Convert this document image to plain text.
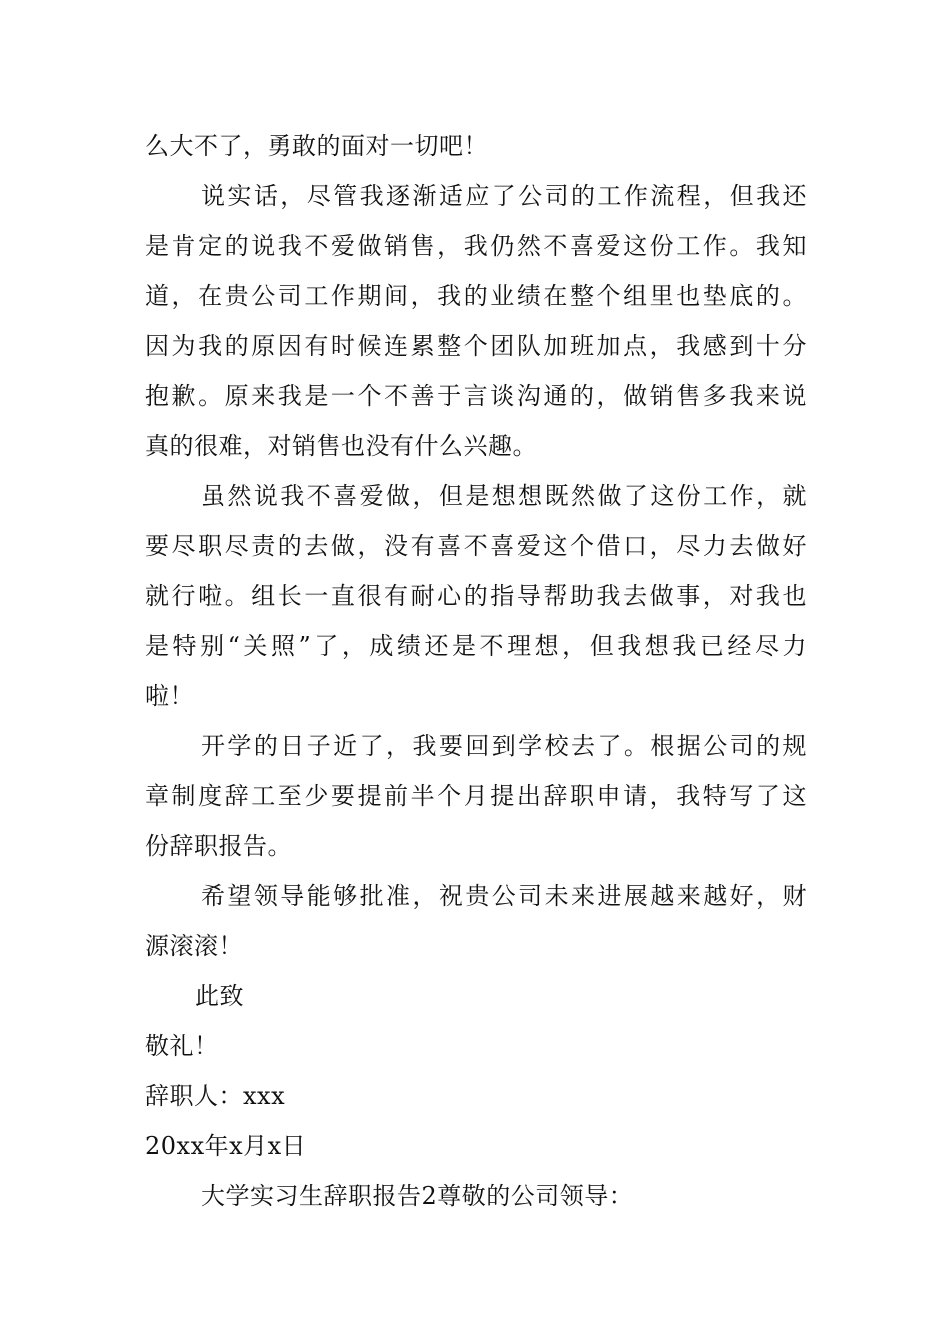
么大不了，勇敢的面对一切吧！
说实话，尽管我逐渐适应了公司的工作流程，但我还
是肯定的说我不爱做销售，我仍然不喜爱这份工作。我知
道，在贵公司工作期间，我的业绩在整个组里也垫底的。
因为我的原因有时候连累整个团队加班加点，我感到十分
抱歉。原来我是一个不善于言谈沟通的，做销售多我来说
真的很难，对销售也没有什么兴趣。
虽然说我不喜爱做，但是想想既然做了这份工作，就
要尽职尽责的去做，没有喜不喜爱这个借口，尽力去做好
就行啦。组长一直很有耐心的指导帮助我去做事，对我也
是特别“关照”了，成绩还是不理想，但我想我已经尽力
啦！
开学的日子近了，我要回到学校去了。根据公司的规
章制度辞工至少要提前半个月提出辞职申请，我特写了这
份辞职报告。
希望领导能够批准，祝贵公司未来进展越来越好，财
源滚滚！
此致
敬礼！
辞职人：xxx
20xx年x月x日
大学实习生辞职报告2尊敬的公司领导：
